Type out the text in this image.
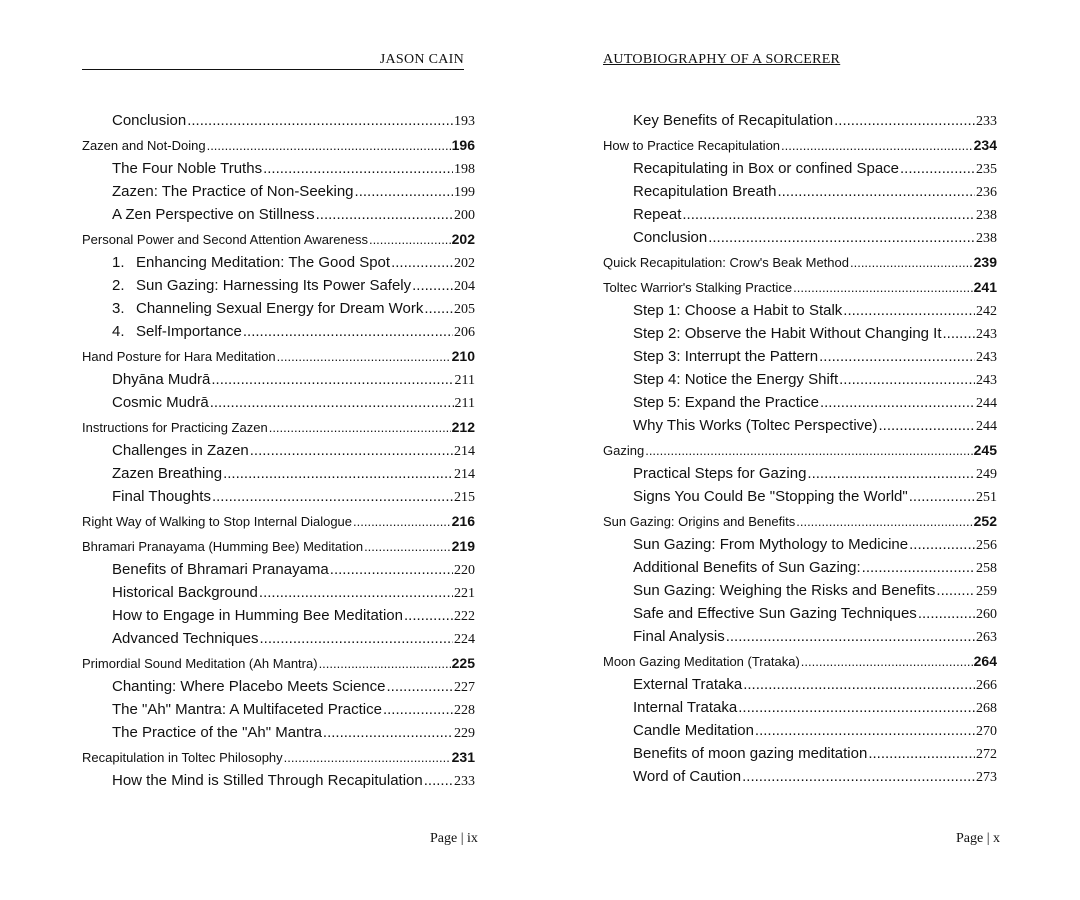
JASON CAIN
Conclusion .....	193
Zazen and Not-Doing .....	196
The Four Noble Truths .....	198
Zazen: The Practice of Non-Seeking .....	199
A Zen Perspective on Stillness .....	200
Personal Power and Second Attention Awareness .....	202
1. Enhancing Meditation: The Good Spot .....	202
2. Sun Gazing: Harnessing Its Power Safely .....	204
3. Channeling Sexual Energy for Dream Work ..... 205
4. Self-Importance .....	206
Hand Posture for Hara Meditation .....	210
Dhyāna Mudrā .....	211
Cosmic Mudrā .....	211
Instructions for Practicing Zazen .....	212
Challenges in Zazen .....	214
Zazen Breathing .....	214
Final Thoughts .....	215
Right Way of Walking to Stop Internal Dialogue .....	216
Bhramari Pranayama (Humming Bee) Meditation .....	219
Benefits of Bhramari Pranayama .....	220
Historical Background .....	221
How to Engage in Humming Bee Meditation .....	222
Advanced Techniques .....	224
Primordial Sound Meditation (Ah Mantra) .....	225
Chanting: Where Placebo Meets Science .....	227
The "Ah" Mantra: A Multifaceted Practice .....	228
The Practice of the "Ah" Mantra .....	229
Recapitulation in Toltec Philosophy .....	231
How the Mind is Stilled Through Recapitulation ..... 233
Page | ix
AUTOBIOGRAPHY OF A SORCERER
Key Benefits of Recapitulation .....	233
How to Practice Recapitulation .....	234
Recapitulating in Box or confined Space .....	235
Recapitulation Breath .....	236
Repeat .....	238
Conclusion .....	238
Quick Recapitulation: Crow's Beak Method .....	239
Toltec Warrior's Stalking Practice .....	241
Step 1: Choose a Habit to Stalk .....	242
Step 2: Observe the Habit Without Changing It ..... 243
Step 3: Interrupt the Pattern .....	243
Step 4: Notice the Energy Shift .....	243
Step 5: Expand the Practice .....	244
Why This Works (Toltec Perspective) .....	244
Gazing .....	245
Practical Steps for Gazing .....	249
Signs You Could Be "Stopping the World" .....	251
Sun Gazing: Origins and Benefits .....	252
Sun Gazing: From Mythology to Medicine .....	256
Additional Benefits of Sun Gazing: .....	258
Sun Gazing: Weighing the Risks and Benefits .....	259
Safe and Effective Sun Gazing Techniques .....	260
Final Analysis .....	263
Moon Gazing Meditation (Trataka) .....	264
External Trataka .....	266
Internal Trataka .....	268
Candle Meditation .....	270
Benefits of moon gazing meditation .....	272
Word of Caution .....	273
Page | x
